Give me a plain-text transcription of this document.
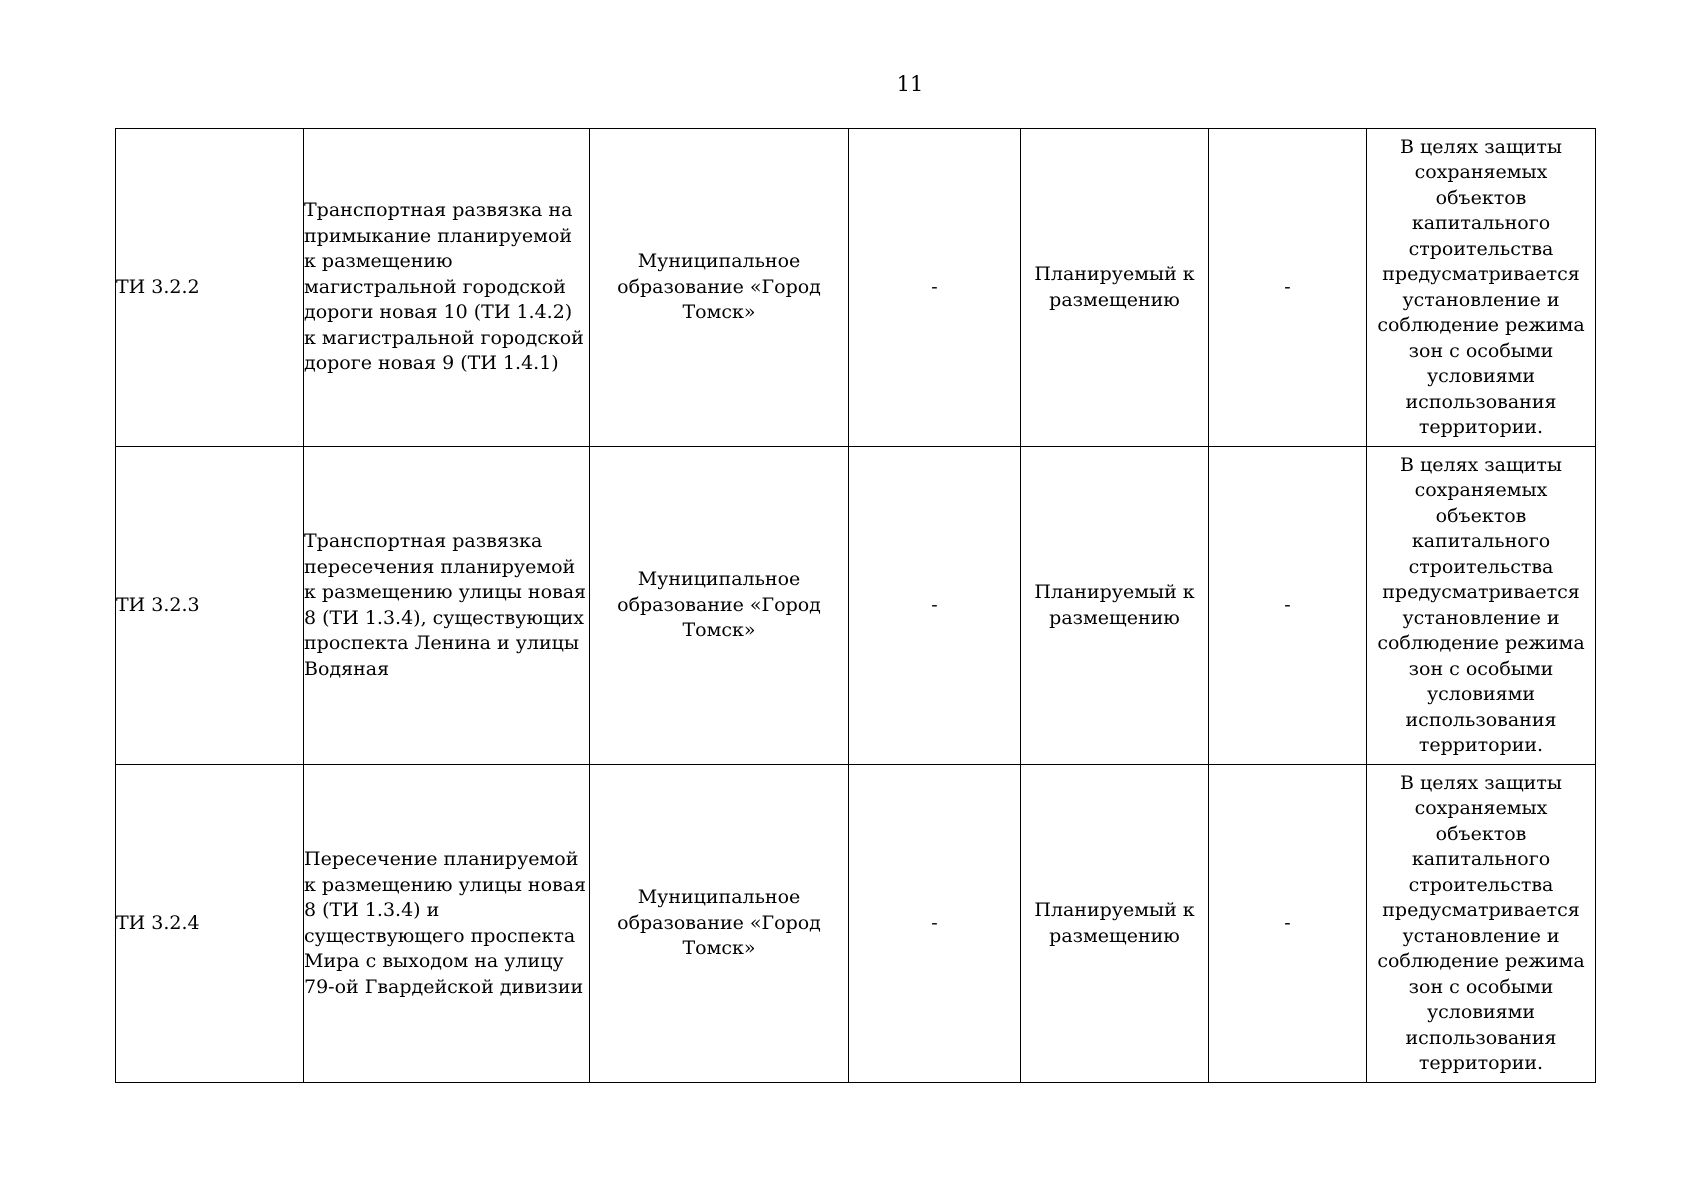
11
ТИ 3.2.2	Транспортная развязка на примыкание планируемой к размещению магистральной городской дороги новая 10 (ТИ 1.4.2) к магистральной городской дороге новая 9 (ТИ 1.4.1)	Муниципальное образование «Город Томск»	-	Планируемый к размещению	-	В целях защиты сохраняемых объектов капитального строительства предусматривается установление и соблюдение режима зон с особыми условиями использования территории.

ТИ 3.2.3	Транспортная развязка пересечения планируемой к размещению улицы новая 8 (ТИ 1.3.4), существующих проспекта Ленина и улицы Водяная	Муниципальное образование «Город Томск»	-	Планируемый к размещению	-	В целях защиты сохраняемых объектов капитального строительства предусматривается установление и соблюдение режима зон с особыми условиями использования территории.

ТИ 3.2.4	Пересечение планируемой к размещению улицы новая 8 (ТИ 1.3.4) и существующего проспекта Мира с выходом на улицу 79-ой Гвардейской дивизии	Муниципальное образование «Город Томск»	-	Планируемый к размещению	-	В целях защиты сохраняемых объектов капитального строительства предусматривается установление и соблюдение режима зон с особыми условиями использования территории.
